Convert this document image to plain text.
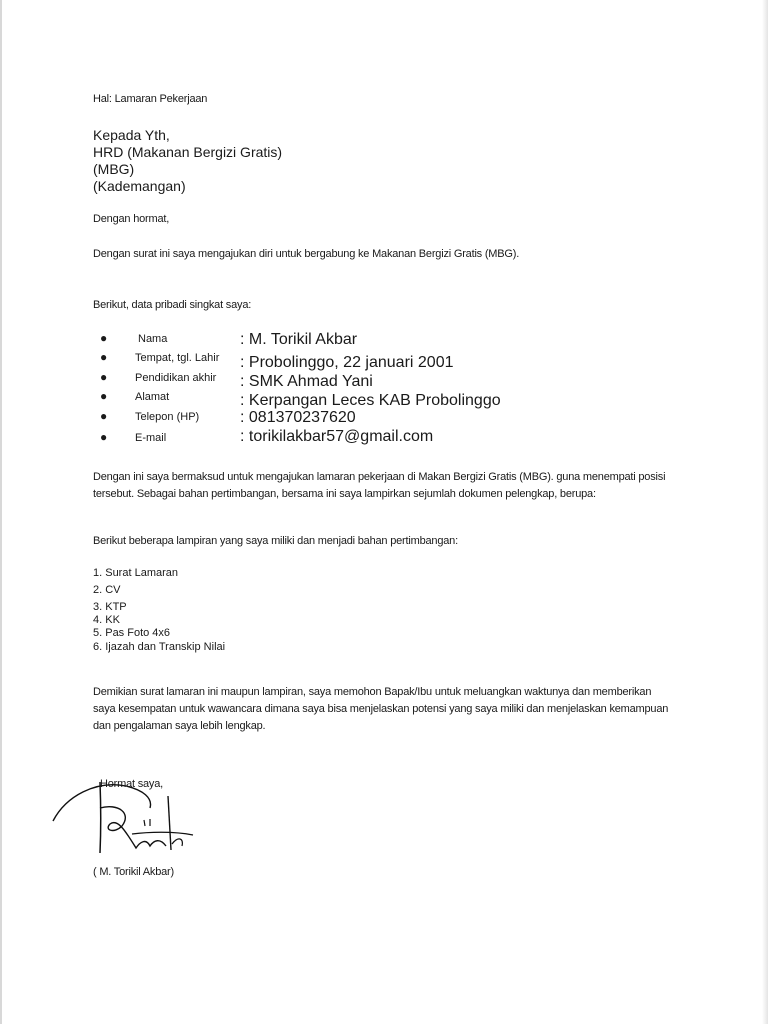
Hal: Lamaran Pekerjaan
Kepada Yth,
HRD (Makanan Bergizi Gratis)
(MBG)
(Kademangan)
Dengan hormat,
Dengan surat ini saya mengajukan diri untuk bergabung ke Makanan Bergizi Gratis (MBG).
Berikut, data pribadi singkat saya:
●	Nama	: M. Torikil Akbar
●	Tempat, tgl. Lahir : Probolinggo, 22 januari 2001
●	Pendidikan akhir : SMK Ahmad Yani
●	Alamat	: Kerpangan Leces KAB Probolinggo
●	Telepon (HP)	: 081370237620
●	E-mail	: torikilakbar57@gmail.com
Dengan ini saya bermaksud untuk mengajukan lamaran pekerjaan di Makan Bergizi Gratis (MBG). guna menempati posisi tersebut. Sebagai bahan pertimbangan, bersama ini saya lampirkan sejumlah dokumen pelengkap, berupa:
Berikut beberapa lampiran yang saya miliki dan menjadi bahan pertimbangan:
1. Surat Lamaran
2. CV
3. KTP
4. KK
5. Pas Foto 4x6
6. Ijazah dan Transkip Nilai
Demikian surat lamaran ini maupun lampiran, saya memohon Bapak/Ibu untuk meluangkan waktunya dan memberikan saya kesempatan untuk wawancara dimana saya bisa menjelaskan potensi yang saya miliki dan menjelaskan kemampuan dan pengalaman saya lebih lengkap.
Hormat saya,
( M. Torikil Akbar)
